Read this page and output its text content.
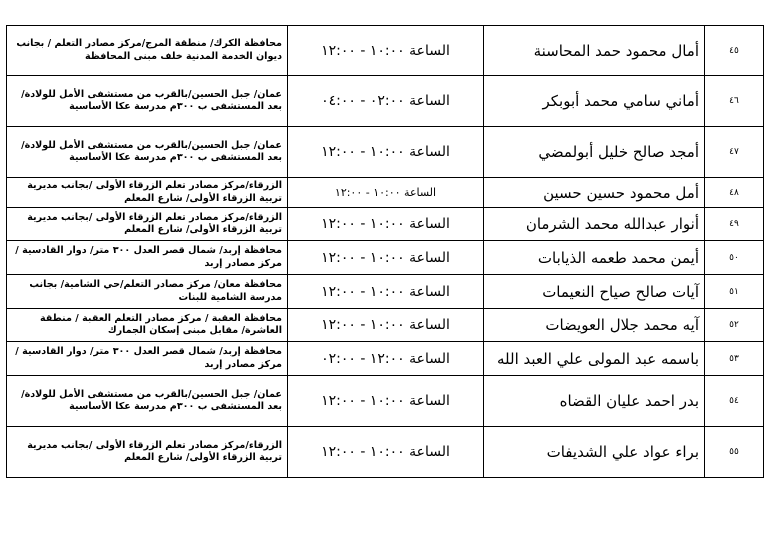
٤٥	أمال محمود حمد المحاسنة	الساعة ١٠:٠٠ - ١٢:٠٠	محافظة الكرك/ منطقة المرج/مركز مصادر التعلم / بجانب ديوان الخدمة المدنية خلف مبنى المحافظة
٤٦	أماني سامي محمد أبوبكر	الساعة ٠٢:٠٠ - ٠٤:٠٠	عمان/ جبل الحسين/بالقرب من مستشفى الأمل للولادة/ بعد المستشفى ب ٣٠٠م مدرسة عكا الأساسية
٤٧	أمجد صالح خليل أبولمضي	الساعة ١٠:٠٠ - ١٢:٠٠	عمان/ جبل الحسين/بالقرب من مستشفى الأمل للولادة/ بعد المستشفى ب ٣٠٠م مدرسة عكا الأساسية
٤٨	أمل محمود حسين حسين	الساعة ١٠:٠٠ - ١٢:٠٠	الزرقاء/مركز مصادر تعلم الزرقاء الأولى /بجانب مديرية تربية الزرقاء الأولى/ شارع المعلم
٤٩	أنوار عبدالله محمد الشرمان	الساعة ١٠:٠٠ - ١٢:٠٠	الزرقاء/مركز مصادر تعلم الزرقاء الأولى /بجانب مديرية تربية الزرقاء الأولى/ شارع المعلم
٥٠	أيمن محمد طعمه الذيابات	الساعة ١٠:٠٠ - ١٢:٠٠	محافظة إربد/ شمال قصر العدل ٣٠٠ متر/ دوار القادسية / مركز مصادر إربد
٥١	آيات صالح صياح النعيمات	الساعة ١٠:٠٠ - ١٢:٠٠	محافظة معان/ مركز مصادر التعلم/حي الشامية/ بجانب مدرسة الشامية للبنات
٥٢	آيه محمد جلال العويضات	الساعة ١٠:٠٠ - ١٢:٠٠	محافظة العقبة / مركز مصادر التعلم العقبة / منطقة العاشرة/ مقابل مبنى إسكان الجمارك
٥٣	باسمه عبد المولى علي العبد الله	الساعة ١٢:٠٠ - ٠٢:٠٠	محافظة إربد/ شمال قصر العدل ٣٠٠ متر/ دوار القادسية / مركز مصادر إربد
٥٤	بدر احمد عليان القضاه	الساعة ١٠:٠٠ - ١٢:٠٠	عمان/ جبل الحسين/بالقرب من مستشفى الأمل للولادة/ بعد المستشفى ب ٣٠٠م مدرسة عكا الأساسية
٥٥	براء عواد علي الشديفات	الساعة ١٠:٠٠ - ١٢:٠٠	الزرقاء/مركز مصادر تعلم الزرقاء الأولى /بجانب مديرية تربية الزرقاء الأولى/ شارع المعلم
